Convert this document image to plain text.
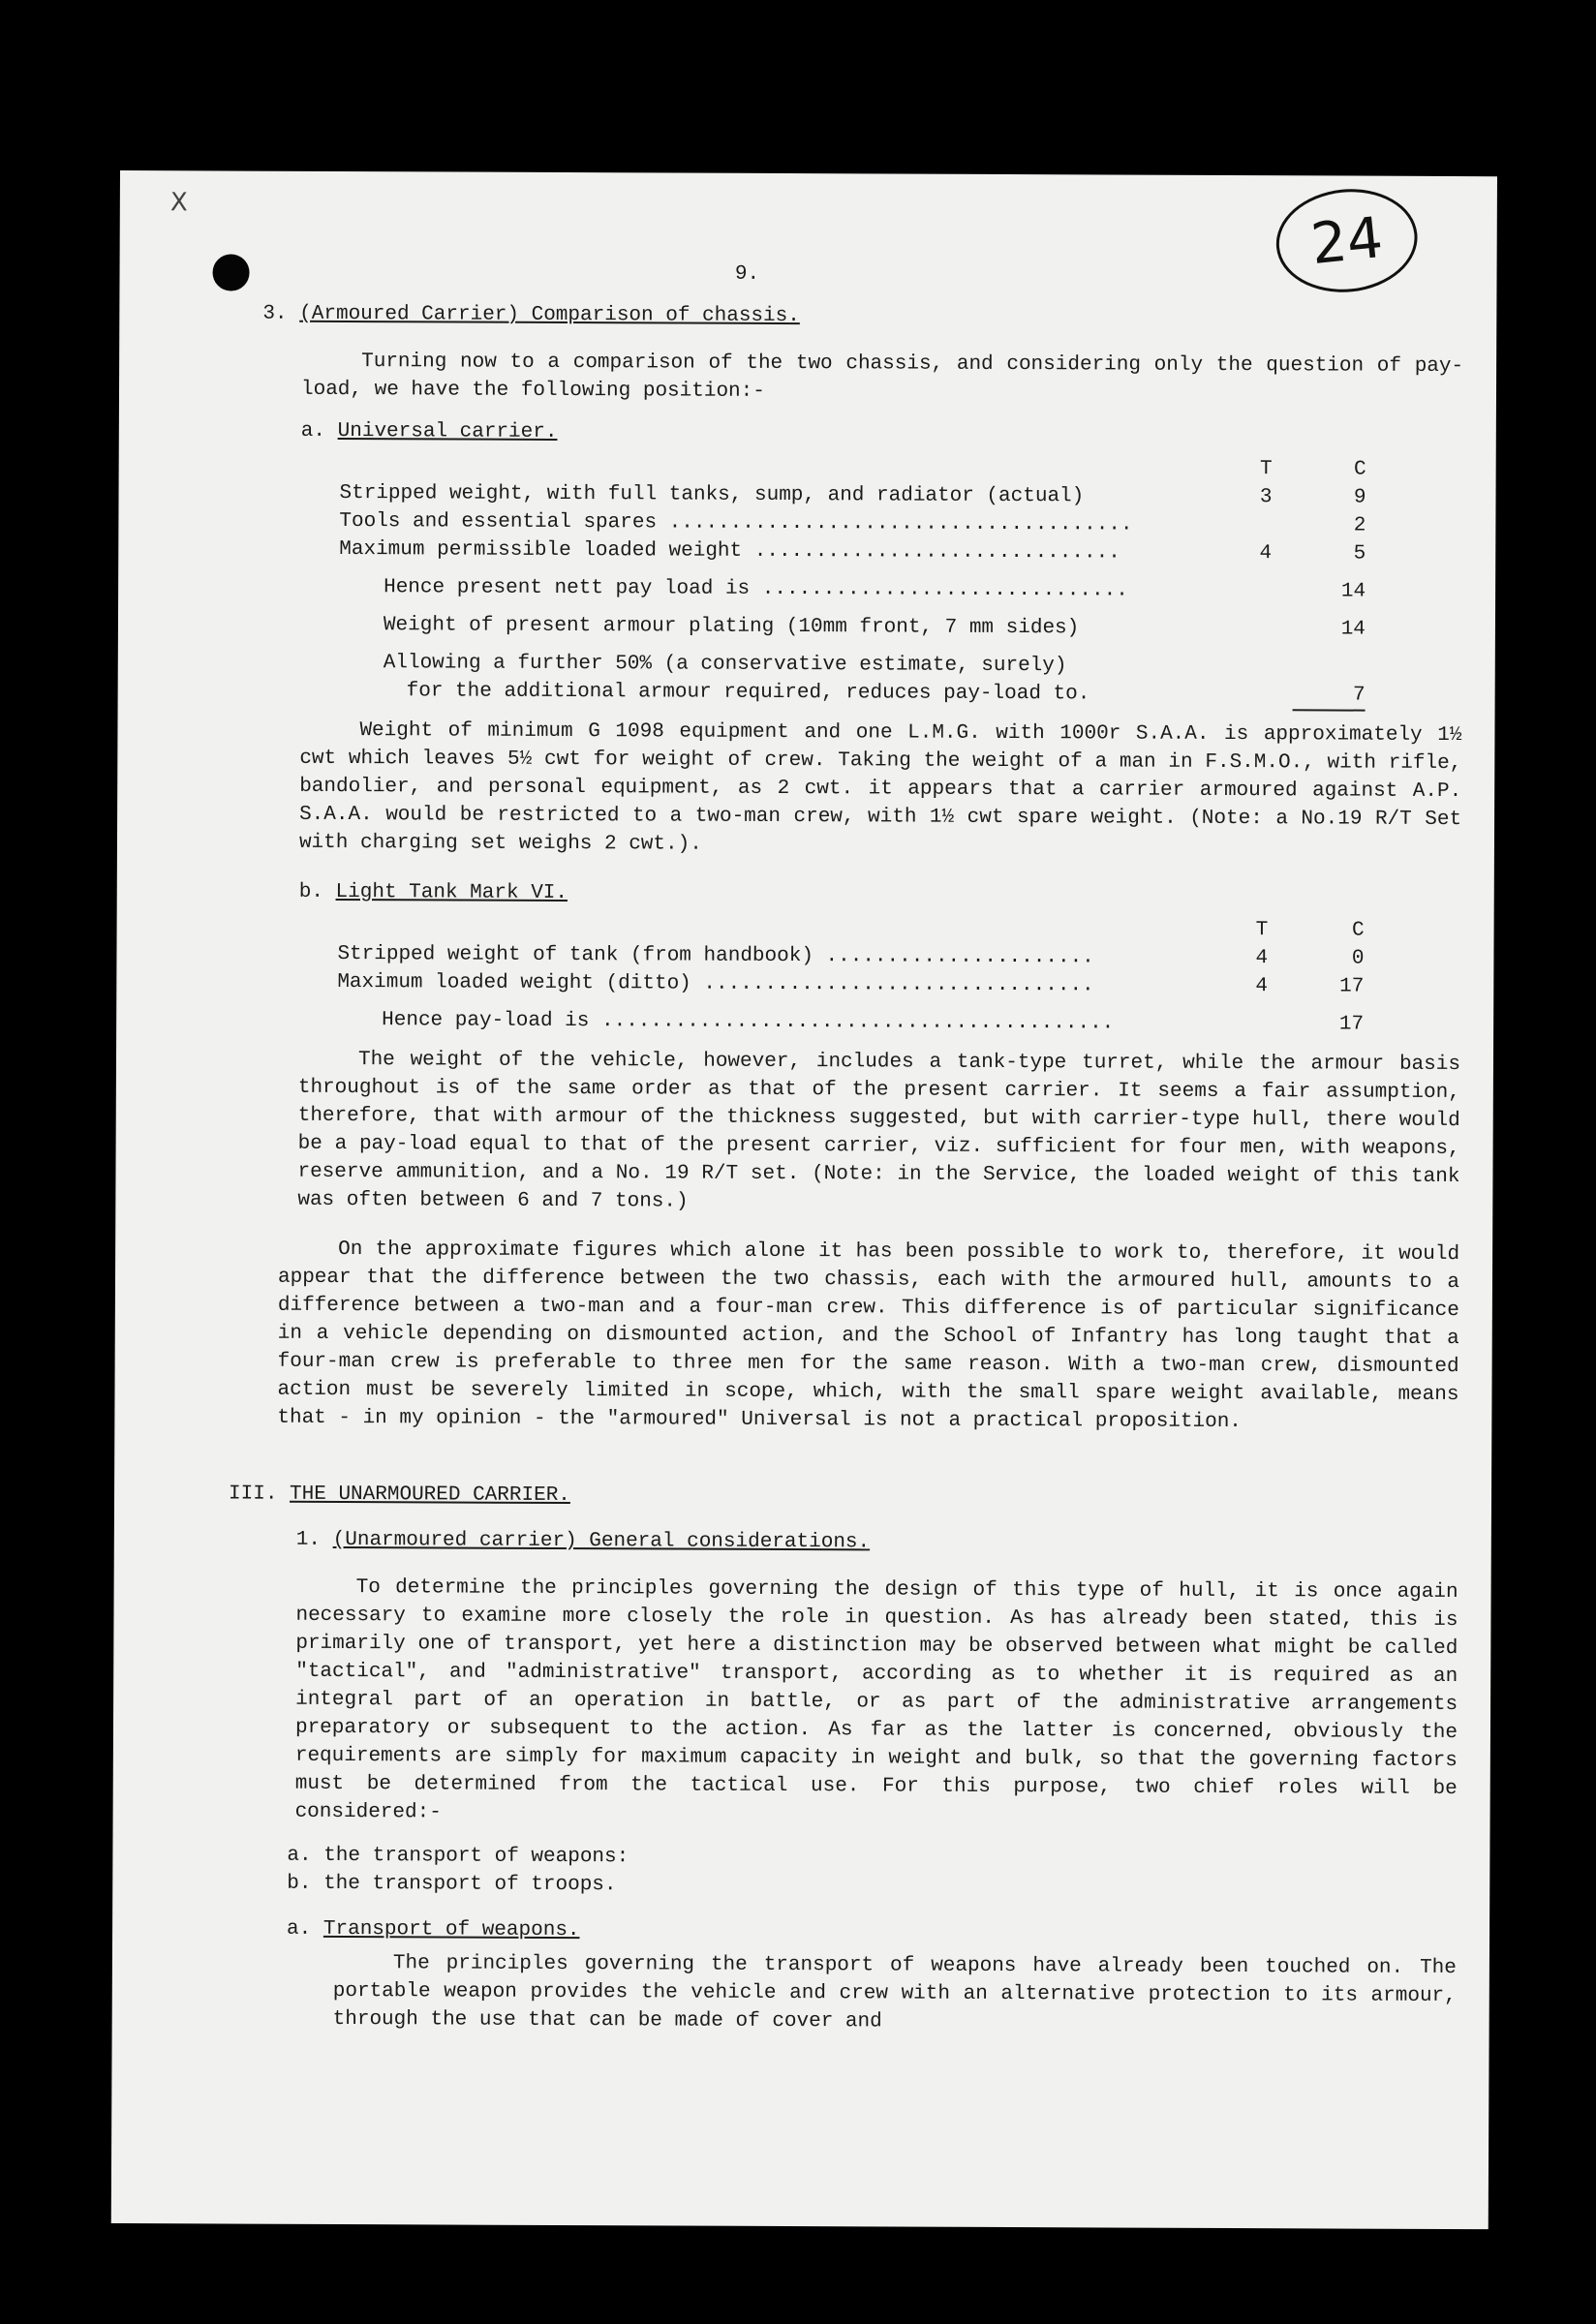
X
24
9.
3. (Armoured Carrier) Comparison of chassis.

Turning now to a comparison of the two chassis, and considering only the question of pay-load, we have the following position:-

a. Universal carrier.
	T	C
Stripped weight, with full tanks, sump, and radiator (actual)	3	9
Tools and essential spares ......................................		2
Maximum permissible loaded weight ..............................	4	5
Hence present nett pay load is ..............................		14
Weight of present armour plating (10mm front, 7 mm sides)		14
Allowing a further 50% (a conservative estimate, surely)		
for the additional armour required, reduces pay-load to.		7

Weight of minimum G 1098 equipment and one L.M.G. with 1000r S.A.A. is approximately 1½ cwt which leaves 5½ cwt for weight of crew. Taking the weight of a man in F.S.M.O., with rifle, bandolier, and personal equipment, as 2 cwt. it appears that a carrier armoured against A.P. S.A.A. would be restricted to a two-man crew, with 1½ cwt spare weight. (Note: a No.19 R/T Set with charging set weighs 2 cwt.).

b. Light Tank Mark VI.
	T	C
Stripped weight of tank (from handbook) ......................	4	0
Maximum loaded weight (ditto) ................................	4	17
Hence pay-load is ..........................................		17

The weight of the vehicle, however, includes a tank-type turret, while the armour basis throughout is of the same order as that of the present carrier. It seems a fair assumption, therefore, that with armour of the thickness suggested, but with carrier-type hull, there would be a pay-load equal to that of the present carrier, viz. sufficient for four men, with weapons, reserve ammunition, and a No. 19 R/T set. (Note: in the Service, the loaded weight of this tank was often between 6 and 7 tons.)

On the approximate figures which alone it has been possible to work to, therefore, it would appear that the difference between the two chassis, each with the armoured hull, amounts to a difference between a two-man and a four-man crew. This difference is of particular significance in a vehicle depending on dismounted action, and the School of Infantry has long taught that a four-man crew is preferable to three men for the same reason. With a two-man crew, dismounted action must be severely limited in scope, which, with the small spare weight available, means that - in my opinion - the "armoured" Universal is not a practical proposition.

III. THE UNARMOURED CARRIER.
1. (Unarmoured carrier) General considerations.

To determine the principles governing the design of this type of hull, it is once again necessary to examine more closely the role in question. As has already been stated, this is primarily one of transport, yet here a distinction may be observed between what might be called "tactical", and "administrative" transport, according as to whether it is required as an integral part of an operation in battle, or as part of the administrative arrangements preparatory or subsequent to the action. As far as the latter is concerned, obviously the requirements are simply for maximum capacity in weight and bulk, so that the governing factors must be determined from the tactical use. For this purpose, two chief roles will be considered:-

a. the transport of weapons:
b. the transport of troops.
a. Transport of weapons.

The principles governing the transport of weapons have already been touched on. The portable weapon provides the vehicle and crew with an alternative protection to its armour, through the use that can be made of cover and
